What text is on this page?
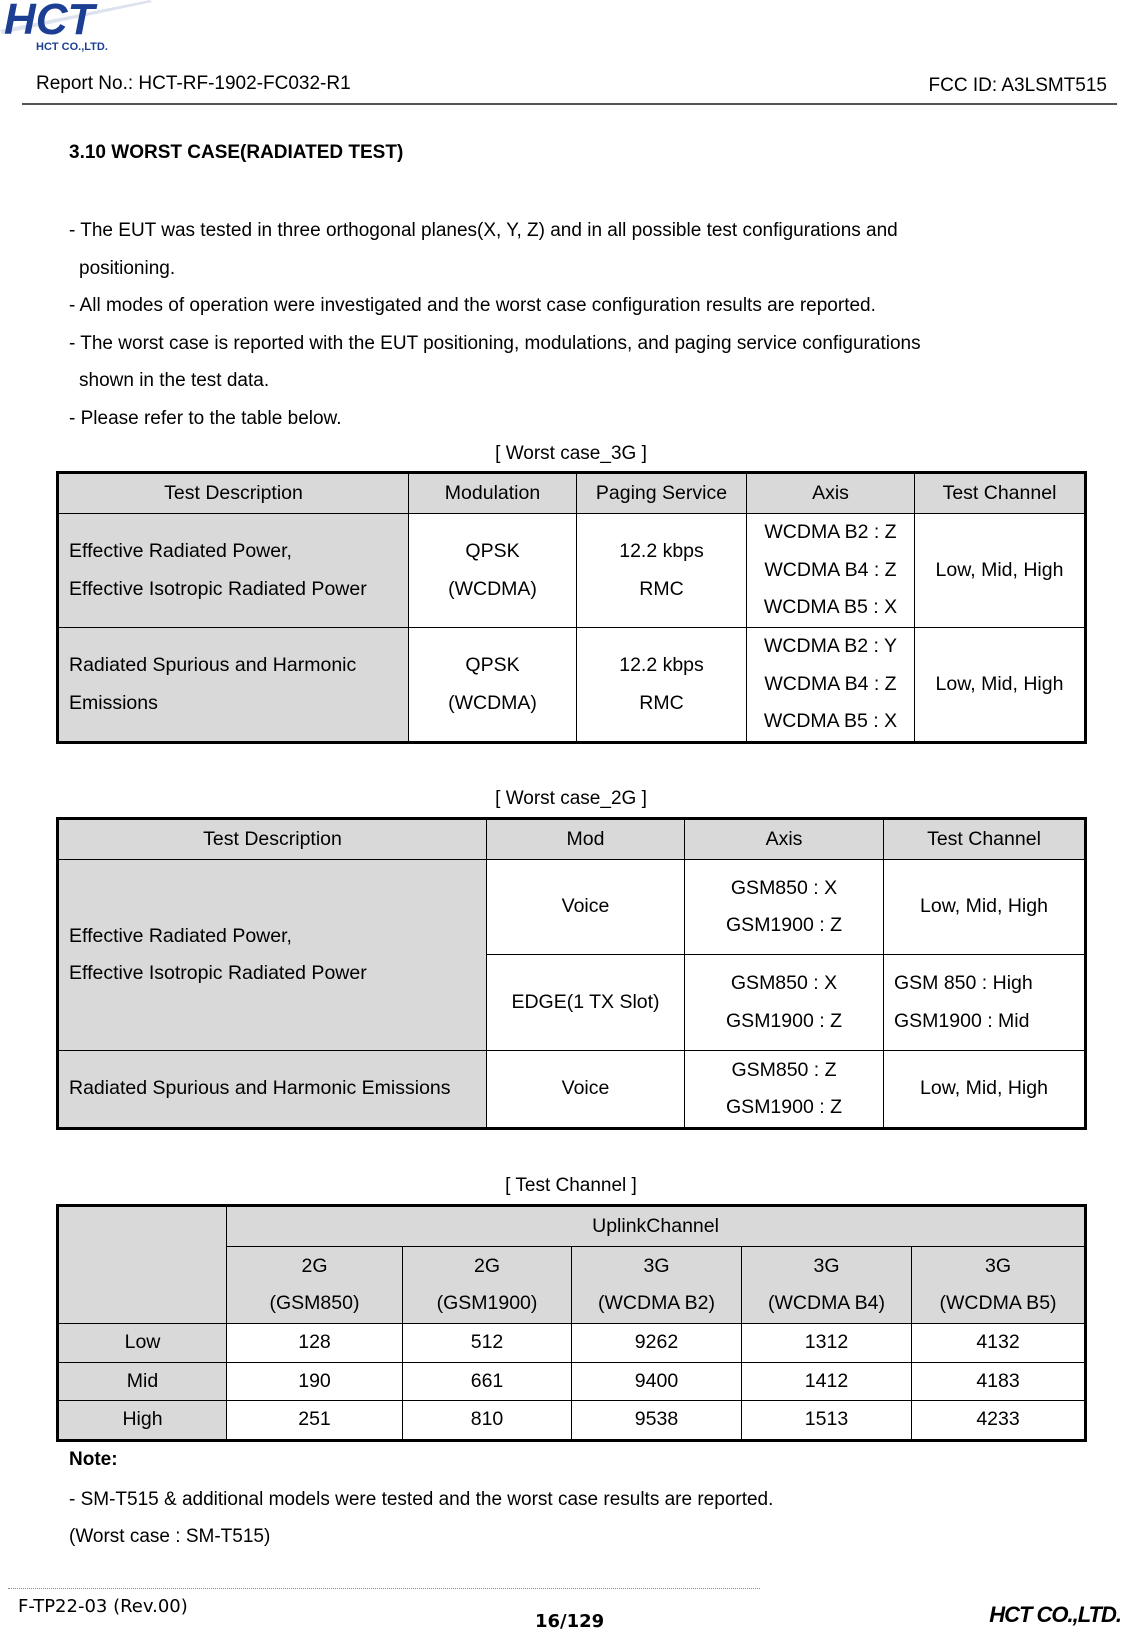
HCT
HCT CO.,LTD.
Report No.: HCT-RF-1902-FC032-R1	FCC ID: A3LSMT515
3.10 WORST CASE(RADIATED TEST)
- The EUT was tested in three orthogonal planes(X, Y, Z) and in all possible test configurations and
positioning.
- All modes of operation were investigated and the worst case configuration results are reported.
- The worst case is reported with the EUT positioning, modulations, and paging service configurations
shown in the test data.
- Please refer to the table below.
[ Worst case_3G ]
Test Description	Modulation	Paging Service	Axis	Test Channel

Effective Radiated Power,
Effective Isotropic Radiated Power	QPSK
(WCDMA)	12.2 kbps
RMC	WCDMA B2 : Z
WCDMA B4 : Z
WCDMA B5 : X	Low, Mid, High

Radiated Spurious and Harmonic
Emissions	QPSK
(WCDMA)	12.2 kbps
RMC	WCDMA B2 : Y
WCDMA B4 : Z
WCDMA B5 : X	Low, Mid, High
[ Worst case_2G ]
Test Description	Mod	Axis	Test Channel

Effective Radiated Power,
Effective Isotropic Radiated Power	Voice	GSM850 : X
GSM1900 : Z	Low, Mid, High
	EDGE(1 TX Slot)	GSM850 : X
GSM1900 : Z	GSM 850 : High
GSM1900 : Mid

Radiated Spurious and Harmonic Emissions	Voice	GSM850 : Z
GSM1900 : Z	Low, Mid, High
[ Test Channel ]
	UplinkChannel				

	2G
(GSM850)	2G
(GSM1900)	3G
(WCDMA B2)	3G
(WCDMA B4)	3G
(WCDMA B5)

Low	128	512	9262	1312	4132
Mid	190	661	9400	1412	4183
High	251	810	9538	1513	4233
Note:
- SM-T515 & additional models were tested and the worst case results are reported.
(Worst case : SM-T515)
F-TP22-03 (Rev.00)
16/129	HCT CO.,LTD.
